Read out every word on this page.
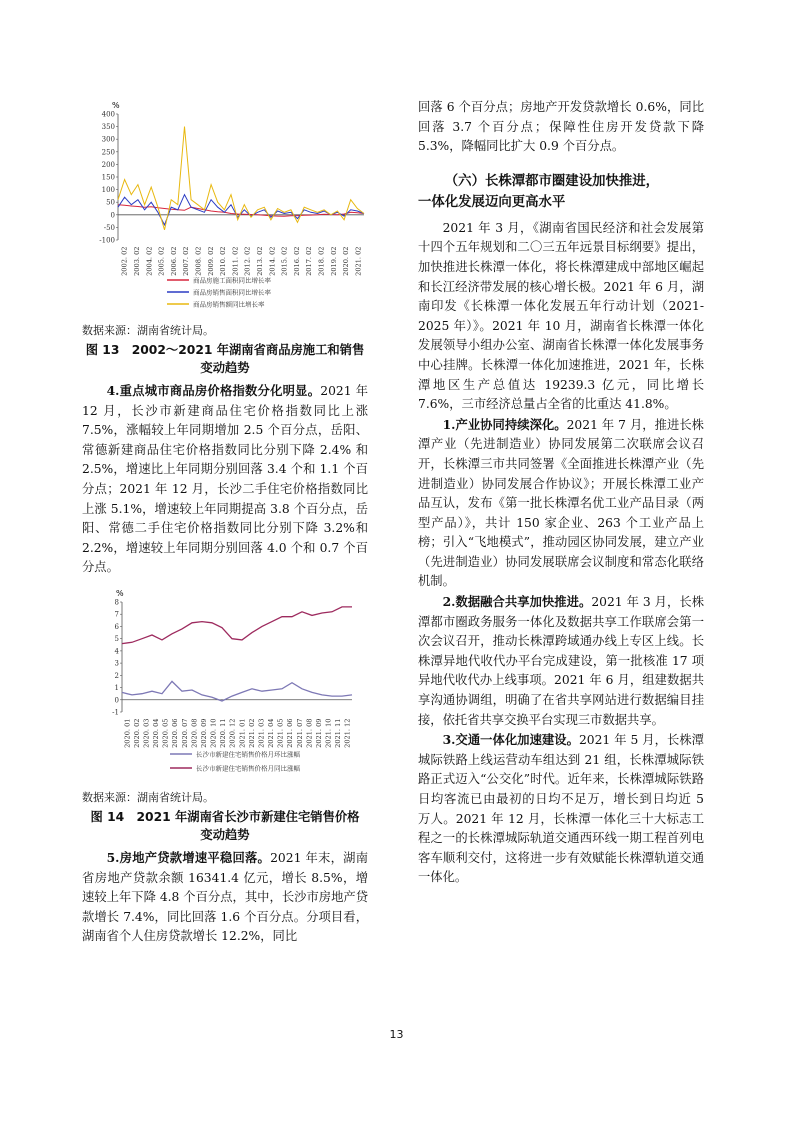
%
400
350
300
250
200
150
100
50
0
-50
-100
2002. 02 2003. 02 2004. 02 2005. 02 2006. 02 2007. 02 2008. 02 2009. 02 2010. 02 2011. 02 2012. 02 2013. 02 2014. 02 2015. 02 2016. 02 2017. 02 2018. 02 2019. 02 2020. 02 2021. 02
商品房施工面积同比增长率
商品房销售面积同比增长率
商品房销售额同比增长率

数据来源：湖南省统计局。

图 13　2002～2021 年湖南省商品房施工和销售
变动趋势

4.重点城市商品房价格指数分化明显。2021 年 12 月，长沙市新建商品住宅价格指数同比上涨 7.5%，涨幅较上年同期增加 2.5 个百分点，岳阳、常德新建商品住宅价格指数同比分别下降 2.4% 和 2.5%，增速比上年同期分别回落 3.4 个和 1.1 个百分点；2021 年 12 月，长沙二手住宅价格指数同比上涨 5.1%，增速较上年同期提高 3.8 个百分点，岳阳、常德二手住宅价格指数同比分别下降 3.2%和 2.2%，增速较上年同期分别回落 4.0 个和 0.7 个百分点。

%
8
7
6
5
4
3
2
1
0
-1
2020. 01 2020. 02 2020. 03 2020. 04 2020. 05 2020. 06 2020. 07 2020. 08 2020. 09 2020. 10 2020. 11 2020. 12 2021. 01 2021. 02 2021. 03 2021. 04 2021. 05 2021. 06 2021. 07 2021. 08 2021. 09 2021. 10 2021. 11 2021. 12
长沙市新建住宅销售价格月环比涨幅
长沙市新建住宅销售价格月同比涨幅

数据来源：湖南省统计局。

图 14　2021 年湖南省长沙市新建住宅销售价格
变动趋势

5.房地产贷款增速平稳回落。2021 年末，湖南省房地产贷款余额 16341.4 亿元，增长 8.5%，增速较上年下降 4.8 个百分点，其中，长沙市房地产贷款增长 7.4%，同比回落 1.6 个百分点。分项目看，湖南省个人住房贷款增长 12.2%，同比

回落 6 个百分点；房地产开发贷款增长 0.6%，同比回落 3.7 个百分点；保障性住房开发贷款下降 5.3%，降幅同比扩大 0.9 个百分点。

（六）长株潭都市圈建设加快推进，
一体化发展迈向更高水平

2021 年 3 月，《湖南省国民经济和社会发展第十四个五年规划和二〇三五年远景目标纲要》提出，加快推进长株潭一体化，将长株潭建成中部地区崛起和长江经济带发展的核心增长极。2021 年 6 月，湖南印发《长株潭一体化发展五年行动计划（2021-2025 年）》。2021 年 10 月，湖南省长株潭一体化发展领导小组办公室、湖南省长株潭一体化发展事务中心挂牌。长株潭一体化加速推进，2021 年，长株潭地区生产总值达 19239.3 亿元，同比增长 7.6%，三市经济总量占全省的比重达 41.8%。

1.产业协同持续深化。2021 年 7 月，推进长株潭产业（先进制造业）协同发展第二次联席会议召开，长株潭三市共同签署《全面推进长株潭产业（先进制造业）协同发展合作协议》；开展长株潭工业产品互认，发布《第一批长株潭名优工业产品目录（两型产品）》，共计 150 家企业、263 个工业产品上榜；引入“飞地模式”，推动园区协同发展，建立产业（先进制造业）协同发展联席会议制度和常态化联络机制。

2.数据融合共享加快推进。2021 年 3 月，长株潭都市圈政务服务一体化及数据共享工作联席会第一次会议召开，推动长株潭跨域通办线上专区上线。长株潭异地代收代办平台完成建设，第一批核准 17 项异地代收代办上线事项。2021 年 6 月，组建数据共享沟通协调组，明确了在省共享网站进行数据编目挂接，依托省共享交换平台实现三市数据共享。

3.交通一体化加速建设。2021 年 5 月，长株潭城际铁路上线运营动车组达到 21 组，长株潭城际铁路正式迈入“公交化”时代。近年来，长株潭城际铁路日均客流已由最初的日均不足万，增长到日均近 5 万人。2021 年 12 月，长株潭一体化三十大标志工程之一的长株潭城际轨道交通西环线一期工程首列电客车顺利交付，这将进一步有效赋能长株潭轨道交通一体化。

13
